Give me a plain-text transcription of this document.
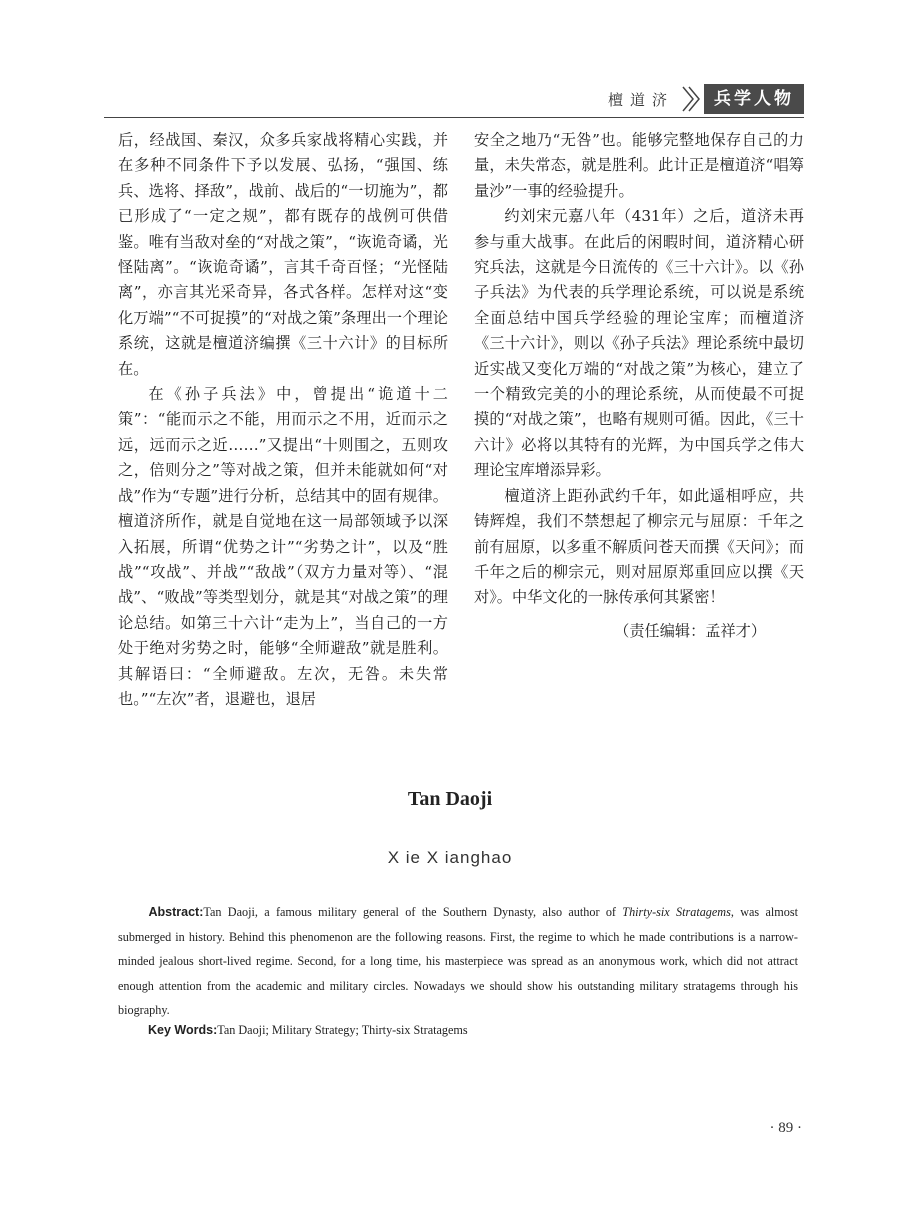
檀道济	兵学人物

后，经战国、秦汉，众多兵家战将精心实践，并在多种不同条件下予以发展、弘扬，“强国、练兵、选将、择敌”，战前、战后的“一切施为”，都已形成了“一定之规”，都有既存的战例可供借鉴。唯有当敌对垒的“对战之策”，“诙诡奇谲，光怪陆离”。“诙诡奇谲”，言其千奇百怪；“光怪陆离”，亦言其光采奇异，各式各样。怎样对这“变化万端”“不可捉摸”的“对战之策”条理出一个理论系统，这就是檀道济编撰《三十六计》的目标所在。

在《孙子兵法》中，曾提出“诡道十二策”：“能而示之不能，用而示之不用，近而示之远，远而示之近……”又提出“十则围之，五则攻之，倍则分之”等对战之策，但并未能就如何“对战”作为“专题”进行分析，总结其中的固有规律。檀道济所作，就是自觉地在这一局部领域予以深入拓展，所谓“优势之计”“劣势之计”，以及“胜战”“攻战”、并战”“敌战”（双方力量对等）、“混战”、“败战”等类型划分，就是其“对战之策”的理论总结。如第三十六计“走为上”，当自己的一方处于绝对劣势之时，能够“全师避敌”就是胜利。其解语曰：“全师避敌。左次，无咎。未失常也。”“左次”者，退避也，退居

安全之地乃“无咎”也。能够完整地保存自己的力量，未失常态，就是胜利。此计正是檀道济“唱筹量沙”一事的经验提升。

约刘宋元嘉八年（431年）之后，道济未再参与重大战事。在此后的闲暇时间，道济精心研究兵法，这就是今日流传的《三十六计》。以《孙子兵法》为代表的兵学理论系统，可以说是系统全面总结中国兵学经验的理论宝库；而檀道济《三十六计》，则以《孙子兵法》理论系统中最切近实战又变化万端的“对战之策”为核心，建立了一个精致完美的小的理论系统，从而使最不可捉摸的“对战之策”，也略有规则可循。因此，《三十六计》必将以其特有的光辉，为中国兵学之伟大理论宝库增添异彩。

檀道济上距孙武约千年，如此遥相呼应，共铸辉煌，我们不禁想起了柳宗元与屈原：千年之前有屈原，以多重不解质问苍天而撰《天问》；而千年之后的柳宗元，则对屈原郑重回应以撰《天对》。中华文化的一脉传承何其紧密！

（责任编辑：孟祥才）

Tan Daoji
X ie X ianghao
Abstract:Tan Daoji, a famous military general of the Southern Dynasty, also author of Thirty-six Stratagems, was almost submerged in history. Behind this phenomenon are the following reasons. First, the regime to which he made contributions is a narrow-minded jealous short-lived regime. Second, for a long time, his masterpiece was spread as an anonymous work, which did not attract enough attention from the academic and military circles. Nowadays we should show his outstanding military stratagems through his biography.
Key Words:Tan Daoji; Military Strategy; Thirty-six Stratagems
· 89 ·
